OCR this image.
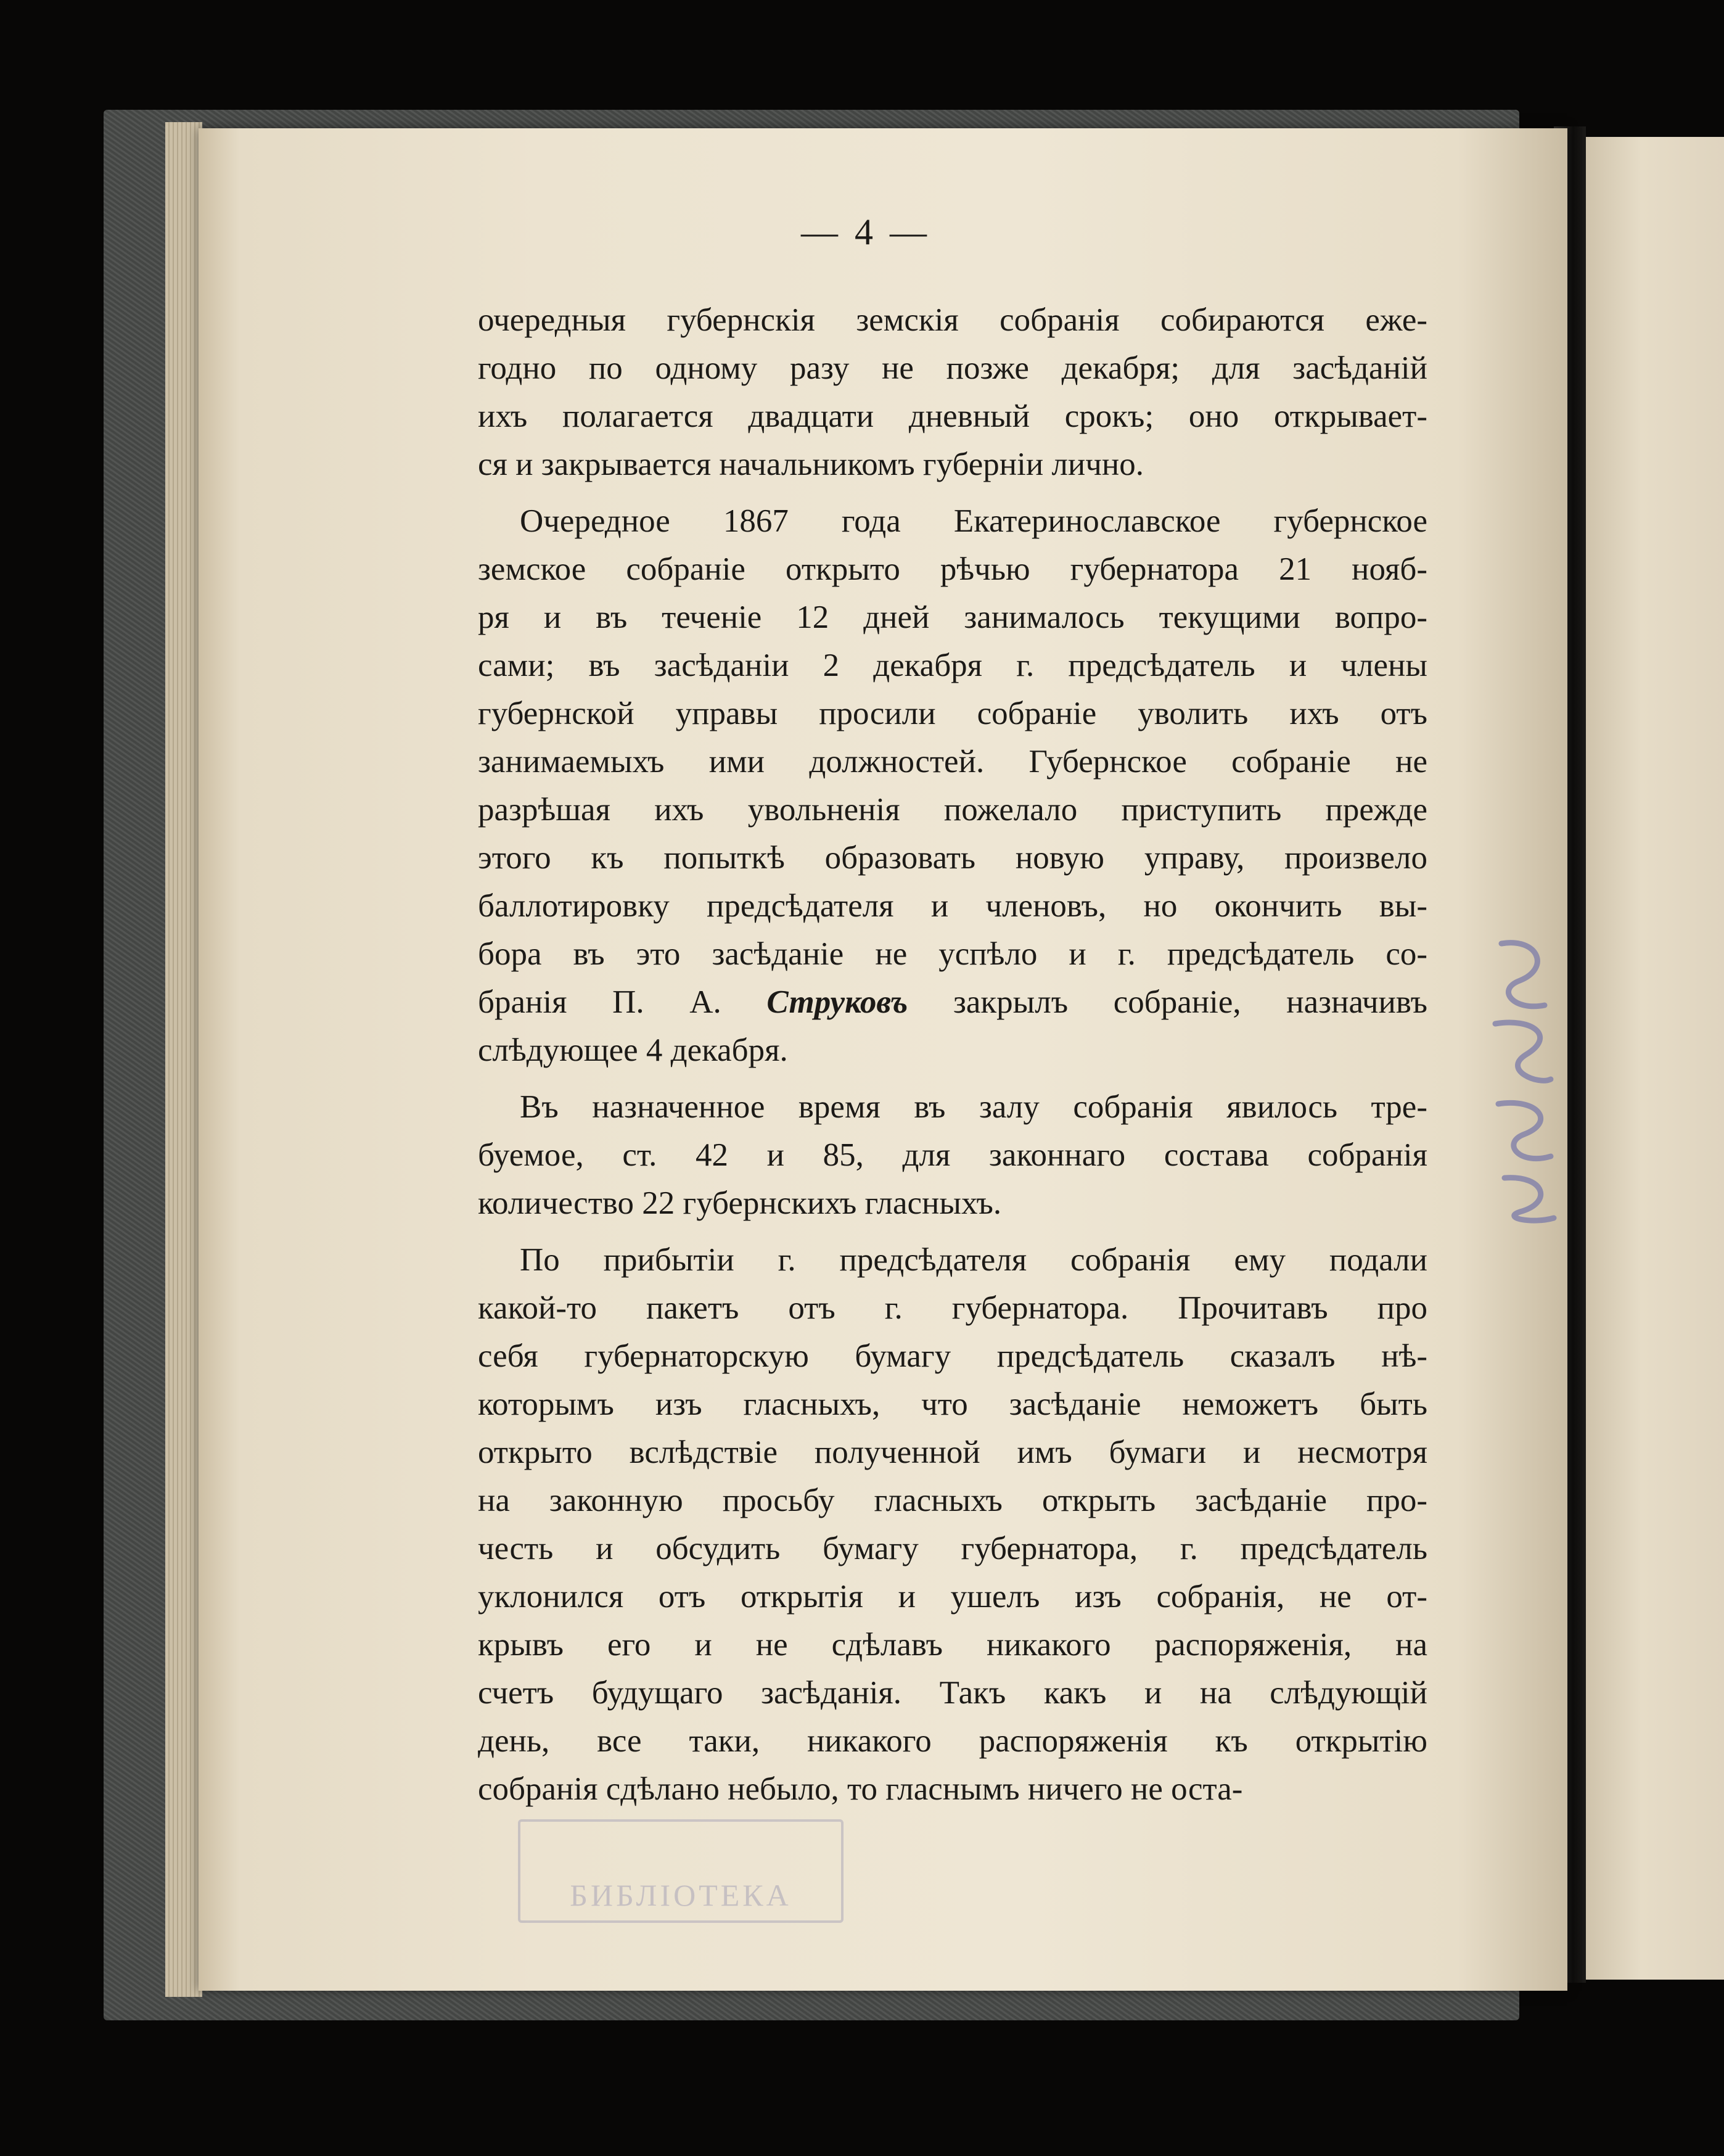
— 4 —
очередныя губернскія земскія собранія собираются еже-
годно по одному разу не позже декабря; для засѣданій
ихъ полагается двадцати дневный срокъ; оно открывает-
ся и закрывается начальникомъ губерніи лично.
Очередное 1867 года Екатеринославское губернское
земское собраніе открыто рѣчью губернатора 21 нояб-
ря и въ теченіе 12 дней занималось текущими вопро-
сами; въ засѣданіи 2 декабря г. предсѣдатель и члены
губернской управы просили собраніе уволить ихъ отъ
занимаемыхъ ими должностей. Губернское собраніе не
разрѣшая ихъ увольненія пожелало приступить прежде
этого къ попыткѣ образовать новую управу, произвело
баллотировку предсѣдателя и членовъ, но окончить вы-
бора въ это засѣданіе не успѣло и г. предсѣдатель со-
бранія П. А. Струковъ закрылъ собраніе, назначивъ
слѣдующее 4 декабря.
Въ назначенное время въ залу собранія явилось тре-
буемое, ст. 42 и 85, для законнаго состава собранія
количество 22 губернскихъ гласныхъ.
По прибытіи г. предсѣдателя собранія ему подали
какой-то пакетъ отъ г. губернатора. Прочитавъ про
себя губернаторскую бумагу предсѣдатель сказалъ нѣ-
которымъ изъ гласныхъ, что засѣданіе неможетъ быть
открыто вслѣдствіе полученной имъ бумаги и несмотря
на законную просьбу гласныхъ открыть засѣданіе про-
честь и обсудить бумагу губернатора, г. предсѣдатель
уклонился отъ открытія и ушелъ изъ собранія, не от-
крывъ его и не сдѣлавъ никакого распоряженія, на
счетъ будущаго засѣданія. Такъ какъ и на слѣдующій
день, все таки, никакого распоряженія къ открытію
собранія сдѣлано небыло, то гласнымъ ничего не оста-
БИБЛІОТЕКА
